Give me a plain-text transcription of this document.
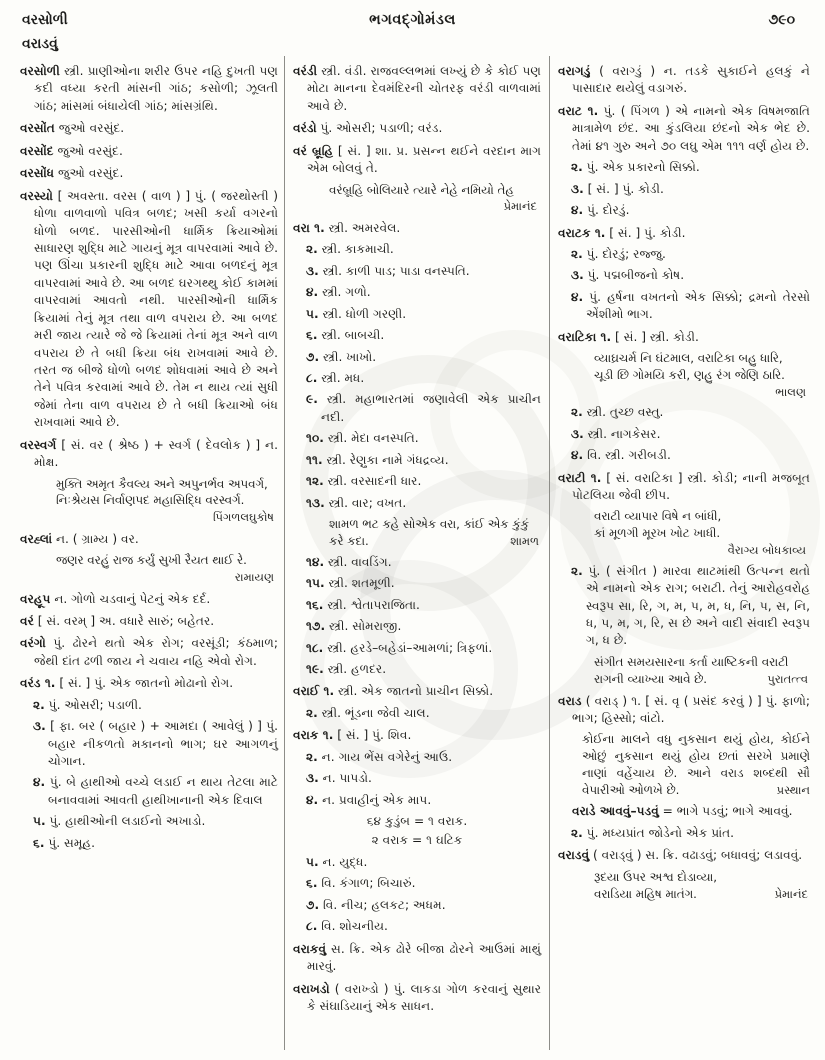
વરસોળી	ભગવદ્ગોમંડલ	૭૯૦
વરાડવું

વરસોળી સ્ત્રી. પ્રાણીઓના શરીર ઉપર નહિ દુખતી પણ કદી વધ્યા કરતી માંસની ગાંઠ; કસોળી; ઝૂલતી ગાંઠ; માંસમાં બંધાયેલી ગાંઠ; માંસગ્રંથિ.

વરસોંત જુઓ વરસુંદ.

વરસોંદ જુઓ વરસુંદ.

વરસોંધ જુઓ વરસુંદ.

વરસ્યો [ અવસ્તા. વરસ ( વાળ ) ] પું. ( જરથોસ્તી ) ધોળા વાળવાળો પવિત્ર બળદ; ખસી કર્યા વગરનો ધોળો બળદ. પારસીઓની ધાર્મિક ક્રિયાઓમાં સાધારણ શુદ્ધિ માટે ગાયનું મૂત્ર વાપરવામાં આવે છે. પણ ઊંચા પ્રકારની શુદ્ધિ માટે આવા બળદનું મૂત્ર વાપરવામાં આવે છે. આ બળદ ઘરગથ્થુ કોઈ કામમાં વાપરવામાં આવતો નથી. પારસીઓની ધાર્મિક ક્રિયામાં તેનું મૂત્ર તથા વાળ વપરાય છે. આ બળદ મરી જાય ત્યારે જે જે ક્રિયામાં તેનાં મૂત્ર અને વાળ વપરાય છે તે બધી ક્રિયા બંધ રાખવામાં આવે છે. તરત જ બીજે ધોળો બળદ શોધવામાં આવે છે અને તેને પવિત્ર કરવામાં આવે છે. તેમ ન થાય ત્યાં સુધી જેમાં તેના વાળ વપરાય છે તે બધી ક્રિયાઓ બંધ રાખવામાં આવે છે.

વરસ્વર્ગ [ સં. વર ( શ્રેષ્ઠ ) + સ્વર્ગ ( દેવલોક ) ] ન. મોક્ષ.

મુક્તિ અમૃત કૈવલ્ય અને અપુનર્ભવ અપવર્ગ,
નિઃશ્રેયસ નિર્વાણપદ મહાસિદ્ધિ વરસ્વર્ગ.
પિંગળલઘુકોષ

વરહ્લાં ન. ( ગ્રામ્ય ) વર.

જણર વરહું રાજ કર્યું સુખી રૈયત થાઈ રે.
રામાયણ

વરહૂપ ન. ગોળો ચડવાનું પેટનું એક દર્દ.

વરં [ સં. વરમ્ ] અ. વધારે સારું; બહેતર.

વરંગો પું. ઢોરને થતો એક રોગ; વરસૂંડી; કંઠમાળ; જેથી દાંત ઢળી જાય ને ચવાય નહિ એવો રોગ.

વરંડ ૧. [ સં. ] પું. એક જાતનો મોઢાનો રોગ.

૨. પું. ઓસરી; પડાળી.

૩. [ ફા. બર ( બહાર ) + આમદા ( આવેલું ) ] પું. બહાર નીકળતો મકાનનો ભાગ; ઘર આગળનું ચોગાન.

૪. પું. બે હાથીઓ વચ્ચે લડાઈ ન થાય તેટલા માટે બનાવવામાં આવતી હાથીખાનાની એક દિવાલ

૫. પું. હાથીઓની લડાઈનો અખાડો.

૬. પું. સમૂહ.

વરંડી સ્ત્રી. વંડી. રાજવલ્લભમાં લખ્યું છે કે કોઈ પણ મોટા માનના દેવમંદિરની ચોતરફ વરંડી વાળવામાં આવે છે.

વરંડો પું. ઓસરી; પડાળી; વરંડ.

વરં બ્રૂહિ [ સં. ] શા. પ્ર. પ્રસન્ન થઈને વરદાન માગ એમ બોલવું તે.

વરંબ્રૂહિ બોલિયારે ત્યારે નેહે નમિયો તેહ
પ્રેમાનંદ

વરા ૧. સ્ત્રી. અમરવેલ.

૨. સ્ત્રી. કાકમાચી.

૩. સ્ત્રી. કાળી પાડ; પાડા વનસ્પતિ.

૪. સ્ત્રી. ગળો.

૫. સ્ત્રી. ધોળી ગરણી.

૬. સ્ત્રી. બાબચી.

૭. સ્ત્રી. ખાખો.

૮. સ્ત્રી. મધ.

૯. સ્ત્રી. મહાભારતમાં જણાવેલી એક પ્રાચીન નદી.

૧૦. સ્ત્રી. મેદા વનસ્પતિ.

૧૧. સ્ત્રી. રેણુકા નામે ગંધદ્રવ્ય.

૧૨. સ્ત્રી. વરસાદની ધાર.

૧૩. સ્ત્રી. વાર; વખત.

શામળ ભટ કહે સોએક વરા, કાંઈ એક કુંકું
કરે કદા.	શામળ

૧૪. સ્ત્રી. વાવડિંગ.

૧૫. સ્ત્રી. શતમૂળી.

૧૬. સ્ત્રી. શ્વેતાપરાજિતા.

૧૭. સ્ત્રી. સોમરાજી.

૧૮. સ્ત્રી. હરડે–બહેડાં–આમળાં; ત્રિફળાં.

૧૯. સ્ત્રી. હળદર.

વરાઈ ૧. સ્ત્રી. એક જાતનો પ્રાચીન સિક્કો.

૨. સ્ત્રી. ભૂંડના જેવી ચાલ.

વરાક ૧. [ સં. ] પું. શિવ.

૨. ન. ગાય ભેંસ વગેરેનું આઉ.

૩. ન. પાપડો.

૪. ન. પ્રવાહીનું એક માપ.

૬૪ કુડુંબ = ૧ વરાક.

૨ વરાક = ૧ ઘટિક

૫. ન. યુદ્ધ.

૬. વિ. કંગાળ; બિચારું.

૭. વિ. નીચ; હલકટ; અધમ.

૮. વિ. શોચનીય.

વરાકવું સ. ક્રિ. એક ઢોરે બીજા ઢોરને આઉમાં માથું મારવું.

વરાખડો ( વરાખ્ડો ) પું. લાકડા ગોળ કરવાનું સુથાર કે સંઘાડિયાનું એક સાધન.

વરાગડું ( વરાગ્ડું ) ન. તડકે સુકાઈને હલકું ને પાસાદાર થયેલું વડાગરું.

વરાટ ૧. પું. ( પિંગળ ) એ નામનો એક વિષમજાતિ માત્રામેળ છંદ. આ કુંડલિયા છંદનો એક ભેદ છે. તેમાં ૪૧ ગુરુ અને ૭૦ લઘુ એમ ૧૧૧ વર્ણ હોય છે.

૨. પું. એક પ્રકારનો સિક્કો.

૩. [ સં. ] પું. કોડી.

૪. પું. દોરડું.

વરાટક ૧. [ સં. ] પું. કોડી.

૨. પું. દોરડું; રજ્જુ.

૩. પું. પદ્મબીજનો કોષ.

૪. પું. હર્ષના વખતનો એક સિક્કો; દ્રમનો તેરસો એંશીમો ભાગ.

વરાટિકા ૧. [ સં. ] સ્ત્રી. કોડી.

વ્યાઘ્રચર્મ નિ ઘંટમાલ, વરાટિકા બહુ ધારિ,
ચૂડી છિ ગોમયિ કરી, ણહુ રંગ જેણિ ઠારિ.
ભાલણ

૨. સ્ત્રી. તુચ્છ વસ્તુ.

૩. સ્ત્રી. નાગકેસર.

૪. વિ. સ્ત્રી. ગરીબડી.

વરાટી ૧. [ સં. વરાટિકા ] સ્ત્રી. કોડી; નાની મજબૂત પોટલિયા જેવી છીપ.

વરાટી વ્યાપાર વિષે ન બાંધી,
કાં મૂળગી મૂરખ ખોટ ખાધી.
વૈરાગ્ય બોધકાવ્ય

૨. પું. ( સંગીત ) મારવા થાટમાંથી ઉત્પન્ન થતો એ નામનો એક રાગ; બરાટી. તેનું આરોહવરોહ સ્વરૂપ સા, રિ, ગ, મ, પ, મ, ધ, નિ, પ, સ, નિ, ધ, પ, મ, ગ, રિ, સ છે અને વાદી સંવાદી સ્વરૂપ ગ, ધ છે.

સંગીત સમયસારના કર્તા યાષ્ટિકની વરાટી
રાગની વ્યાખ્યા આવે છે.	પુરાતત્ત્વ

વરાડ ( વરાડ્ ) ૧. [ સં. વૃ ( પ્રસંદ કરવું ) ] પું. ફાળો; ભાગ; હિસ્સો; વાંટો.

કોઈના માલને વધુ નુકસાન થયું હોય, કોઈને ઓછું નુકસાન થયું હોય છતાં સરખે પ્રમાણે નાણાં વહેંચાય છે. આને વરાડ શબ્દથી સૌ વેપારીઓ ઓળખે છે.	પ્રસ્થાન

વરાડે આવવું–પડવું = ભાગે પડવું; ભાગે આવવું.

૨. પું. મધ્યપ્રાંત જોડેનો એક પ્રાંત.

વરાડવું ( વરાડ્વું ) સ. ક્રિ. વઢાડવું; બધાવવું; લડાવવું.

રૂદયા ઉપર અશ્વ દોડાવ્યા,
વરાડિયા મહિષ માતંગ.	પ્રેમાનંદ
